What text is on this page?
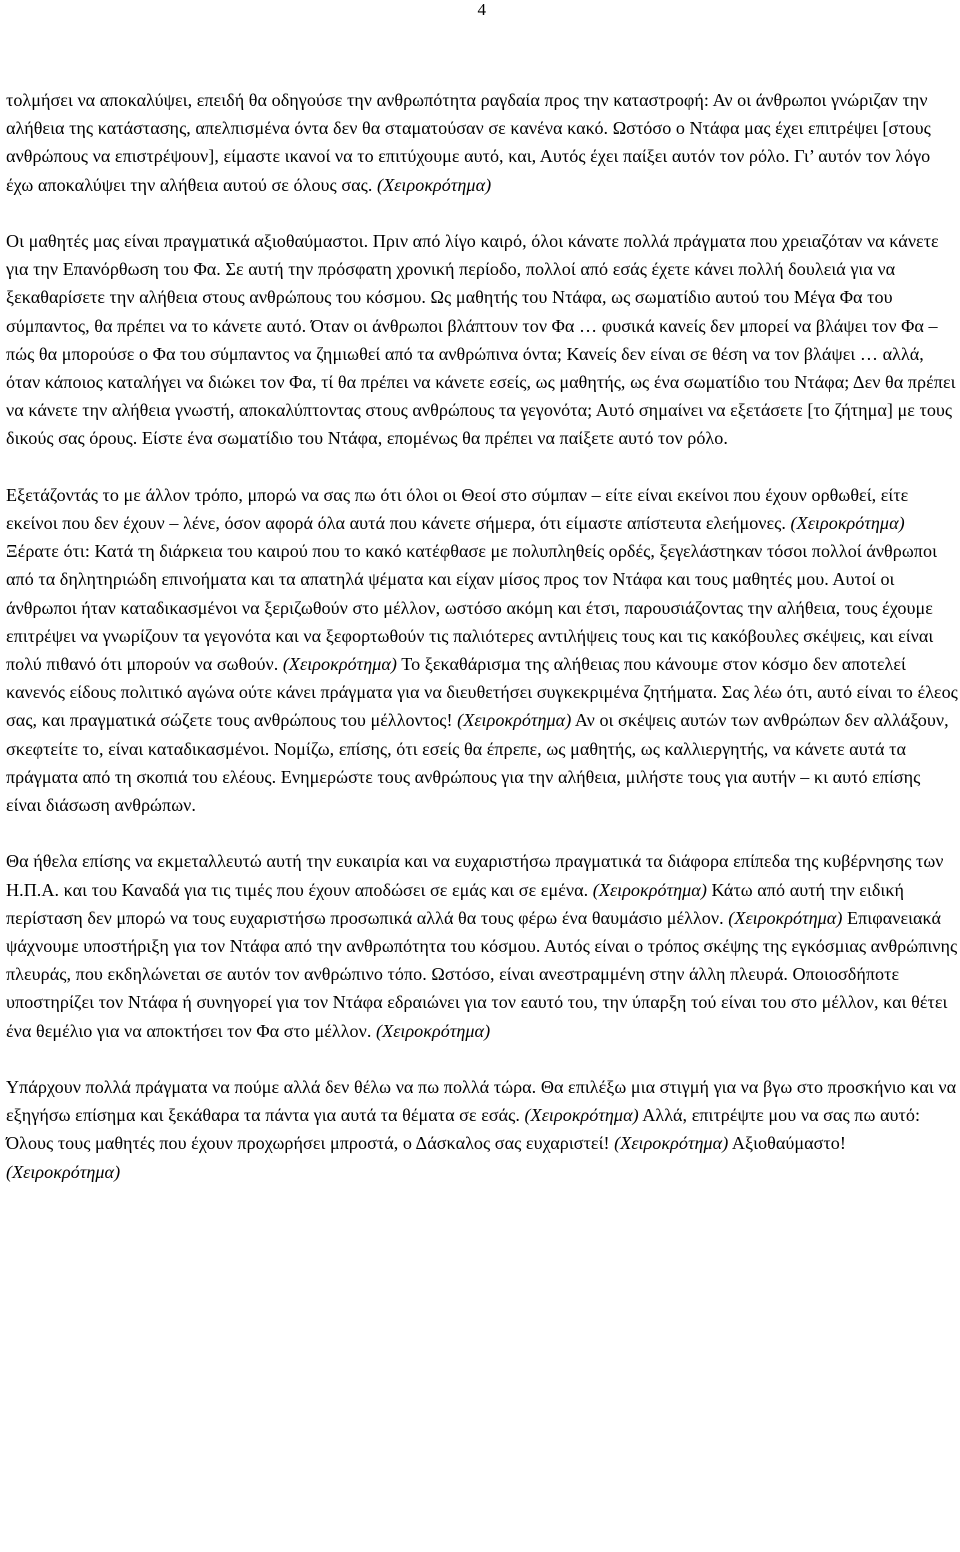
4

τολμήσει να αποκαλύψει, επειδή θα οδηγούσε την ανθρωπότητα ραγδαία προς την καταστροφή: Αν οι άνθρωποι γνώριζαν την αλήθεια της κατάστασης, απελπισμένα όντα δεν θα σταματούσαν σε κανένα κακό. Ωστόσο ο Ντάφα μας έχει επιτρέψει [στους ανθρώπους να επιστρέψουν], είμαστε ικανοί να το επιτύχουμε αυτό, και, Αυτός έχει παίξει αυτόν τον ρόλο. Γι’ αυτόν τον λόγο έχω αποκαλύψει την αλήθεια αυτού σε όλους σας. (Χειροκρότημα)

Οι μαθητές μας είναι πραγματικά αξιοθαύμαστοι. Πριν από λίγο καιρό, όλοι κάνατε πολλά πράγματα που χρειαζόταν να κάνετε για την Επανόρθωση του Φα. Σε αυτή την πρόσφατη χρονική περίοδο, πολλοί από εσάς έχετε κάνει πολλή δουλειά για να ξεκαθαρίσετε την αλήθεια στους ανθρώπους του κόσμου. Ως μαθητής του Ντάφα, ως σωματίδιο αυτού του Μέγα Φα του σύμπαντος, θα πρέπει να το κάνετε αυτό. Όταν οι άνθρωποι βλάπτουν τον Φα … φυσικά κανείς δεν μπορεί να βλάψει τον Φα – πώς θα μπορούσε ο Φα του σύμπαντος να ζημιωθεί από τα ανθρώπινα όντα; Κανείς δεν είναι σε θέση να τον βλάψει … αλλά, όταν κάποιος καταλήγει να διώκει τον Φα, τί θα πρέπει να κάνετε εσείς, ως μαθητής, ως ένα σωματίδιο του Ντάφα; Δεν θα πρέπει να κάνετε την αλήθεια γνωστή, αποκαλύπτοντας στους ανθρώπους τα γεγονότα; Αυτό σημαίνει να εξετάσετε [το ζήτημα] με τους δικούς σας όρους. Είστε ένα σωματίδιο του Ντάφα, επομένως θα πρέπει να παίξετε αυτό τον ρόλο.

Εξετάζοντάς το με άλλον τρόπο, μπορώ να σας πω ότι όλοι οι Θεοί στο σύμπαν – είτε είναι εκείνοι που έχουν ορθωθεί, είτε εκείνοι που δεν έχουν – λένε, όσον αφορά όλα αυτά που κάνετε σήμερα, ότι είμαστε απίστευτα ελεήμονες. (Χειροκρότημα) Ξέρατε ότι: Κατά τη διάρκεια του καιρού που το κακό κατέφθασε με πολυπληθείς ορδές, ξεγελάστηκαν τόσοι πολλοί άνθρωποι από τα δηλητηριώδη επινοήματα και τα απατηλά ψέματα και είχαν μίσος προς τον Ντάφα και τους μαθητές μου. Αυτοί οι άνθρωποι ήταν καταδικασμένοι να ξεριζωθούν στο μέλλον, ωστόσο ακόμη και έτσι, παρουσιάζοντας την αλήθεια, τους έχουμε επιτρέψει να γνωρίζουν τα γεγονότα και να ξεφορτωθούν τις παλιότερες αντιλήψεις τους και τις κακόβουλες σκέψεις, και είναι πολύ πιθανό ότι μπορούν να σωθούν. (Χειροκρότημα) Το ξεκαθάρισμα της αλήθειας που κάνουμε στον κόσμο δεν αποτελεί κανενός είδους πολιτικό αγώνα ούτε κάνει πράγματα για να διευθετήσει συγκεκριμένα ζητήματα. Σας λέω ότι, αυτό είναι το έλεος σας, και πραγματικά σώζετε τους ανθρώπους του μέλλοντος! (Χειροκρότημα) Αν οι σκέψεις αυτών των ανθρώπων δεν αλλάξουν, σκεφτείτε το, είναι καταδικασμένοι. Νομίζω, επίσης, ότι εσείς θα έπρεπε, ως μαθητής, ως καλλιεργητής, να κάνετε αυτά τα πράγματα από τη σκοπιά του ελέους. Ενημερώστε τους ανθρώπους για την αλήθεια, μιλήστε τους για αυτήν – κι αυτό επίσης είναι διάσωση ανθρώπων.

Θα ήθελα επίσης να εκμεταλλευτώ αυτή την ευκαιρία και να ευχαριστήσω πραγματικά τα διάφορα επίπεδα της κυβέρνησης των Η.Π.Α. και του Καναδά για τις τιμές που έχουν αποδώσει σε εμάς και σε εμένα. (Χειροκρότημα) Κάτω από αυτή την ειδική περίσταση δεν μπορώ να τους ευχαριστήσω προσωπικά αλλά θα τους φέρω ένα θαυμάσιο μέλλον. (Χειροκρότημα) Επιφανειακά ψάχνουμε υποστήριξη για τον Ντάφα από την ανθρωπότητα του κόσμου. Αυτός είναι ο τρόπος σκέψης της εγκόσμιας ανθρώπινης πλευράς, που εκδηλώνεται σε αυτόν τον ανθρώπινο τόπο. Ωστόσο, είναι ανεστραμμένη στην άλλη πλευρά. Οποιοσδήποτε υποστηρίζει τον Ντάφα ή συνηγορεί για τον Ντάφα εδραιώνει για τον εαυτό του, την ύπαρξη τού είναι του στο μέλλον, και θέτει ένα θεμέλιο για να αποκτήσει τον Φα στο μέλλον. (Χειροκρότημα)

Υπάρχουν πολλά πράγματα να πούμε αλλά δεν θέλω να πω πολλά τώρα. Θα επιλέξω μια στιγμή για να βγω στο προσκήνιο και να εξηγήσω επίσημα και ξεκάθαρα τα πάντα για αυτά τα θέματα σε εσάς. (Χειροκρότημα) Αλλά, επιτρέψτε μου να σας πω αυτό: Όλους τους μαθητές που έχουν προχωρήσει μπροστά, ο Δάσκαλος σας ευχαριστεί! (Χειροκρότημα) Αξιοθαύμαστο! (Χειροκρότημα)
